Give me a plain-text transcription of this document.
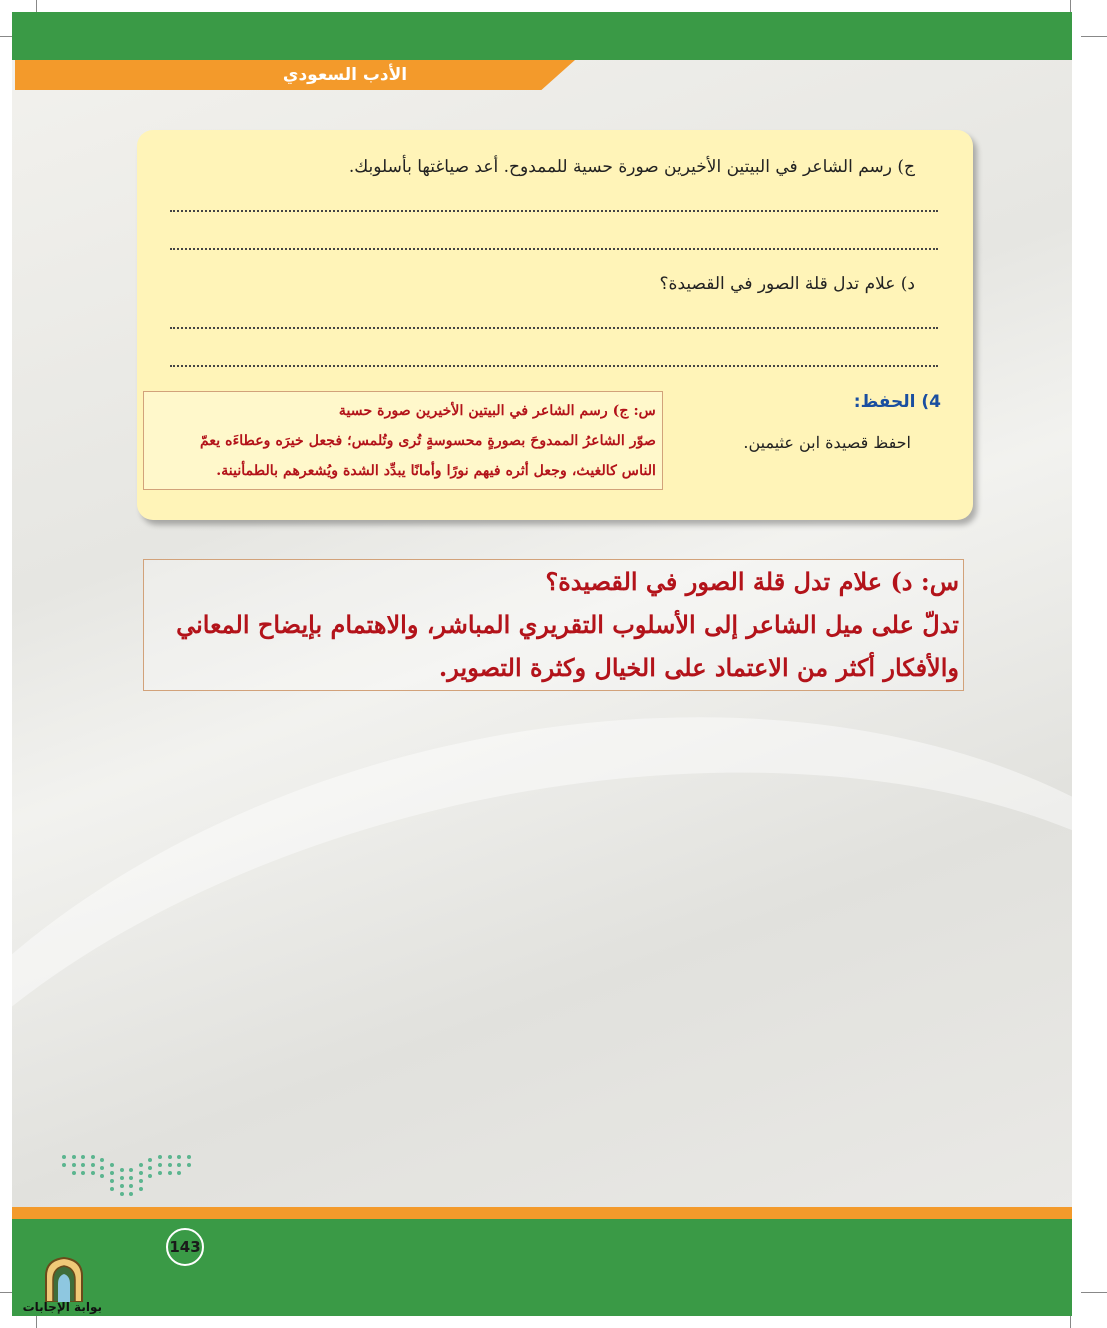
الأدب السعودي
ج) رسم الشاعر في البيتين الأخيرين صورة حسية للممدوح. أعد صياغتها بأسلوبك.
د) علام تدل قلة الصور في القصيدة؟
4) الحفظ:
احفظ قصيدة ابن عثيمين.
س: ج) رسم الشاعر في البيتين الأخيرين صورة حسية
صوّر الشاعرُ الممدوحَ بصورةٍ محسوسةٍ تُرى وتُلمس؛ فجعل خيرَه وعطاءَه يعمّ
الناس كالغيث، وجعل أثره فيهم نورًا وأمانًا يبدِّد الشدة ويُشعرهم بالطمأنينة.
س: د) علام تدل قلة الصور في القصيدة؟
تدلّ على ميل الشاعر إلى الأسلوب التقريري المباشر، والاهتمام بإيضاح المعاني
والأفكار أكثر من الاعتماد على الخيال وكثرة التصوير.
143
بوابة الإجابات
